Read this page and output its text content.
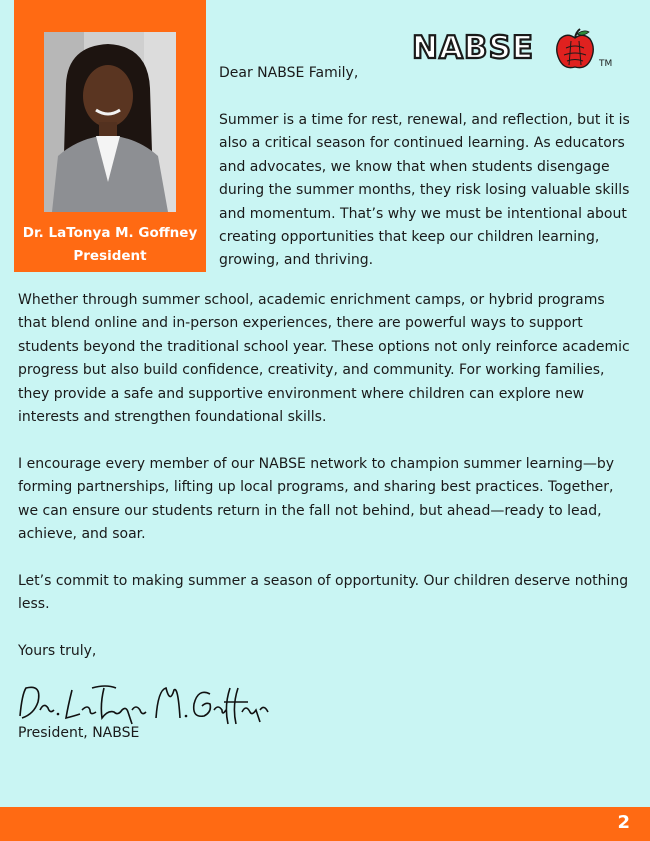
Dr. LaTonya M. Goffney
President
NABSE	TM
Dear NABSE Family,

Summer is a time for rest, renewal, and reflection, but it is also a critical season for continued learning. As educators and advocates, we know that when students disengage during the summer months, they risk losing valuable skills and momentum. That’s why we must be intentional about creating opportunities that keep our children learning, growing, and thriving.

Whether through summer school, academic enrichment camps, or hybrid programs that blend online and in-person experiences, there are powerful ways to support students beyond the traditional school year. These options not only reinforce academic progress but also build confidence, creativity, and community. For working families, they provide a safe and supportive environment where children can explore new interests and strengthen foundational skills.

I encourage every member of our NABSE network to champion summer learning—by forming partnerships, lifting up local programs, and sharing best practices. Together, we can ensure our students return in the fall not behind, but ahead—ready to lead, achieve, and soar.

Let’s commit to making summer a season of opportunity. Our children deserve nothing less.

Yours truly,

President, NABSE
2
